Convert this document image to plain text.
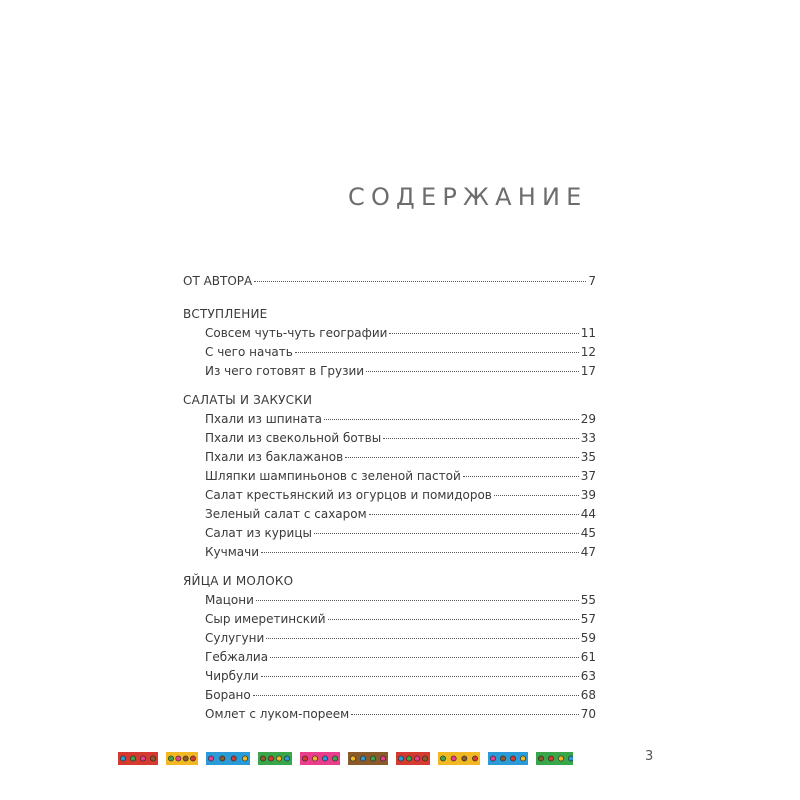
СОДЕРЖАНИЕ
ОТ АВТОРА	7
ВСТУПЛЕНИЕ
Совсем чуть-чуть географии	11
С чего начать	12
Из чего готовят в Грузии	17
САЛАТЫ И ЗАКУСКИ
Пхали из шпината	29
Пхали из свекольной ботвы	33
Пхали из баклажанов	35
Шляпки шампиньонов с зеленой пастой	37
Салат крестьянский из огурцов и помидоров	39
Зеленый салат с сахаром	44
Салат из курицы	45
Кучмачи	47
ЯЙЦА И МОЛОКО
Мацони	55
Сыр имеретинский	57
Сулугуни	59
Гебжалиа	61
Чирбули	63
Борано	68
Омлет с луком-пореем	70
3
